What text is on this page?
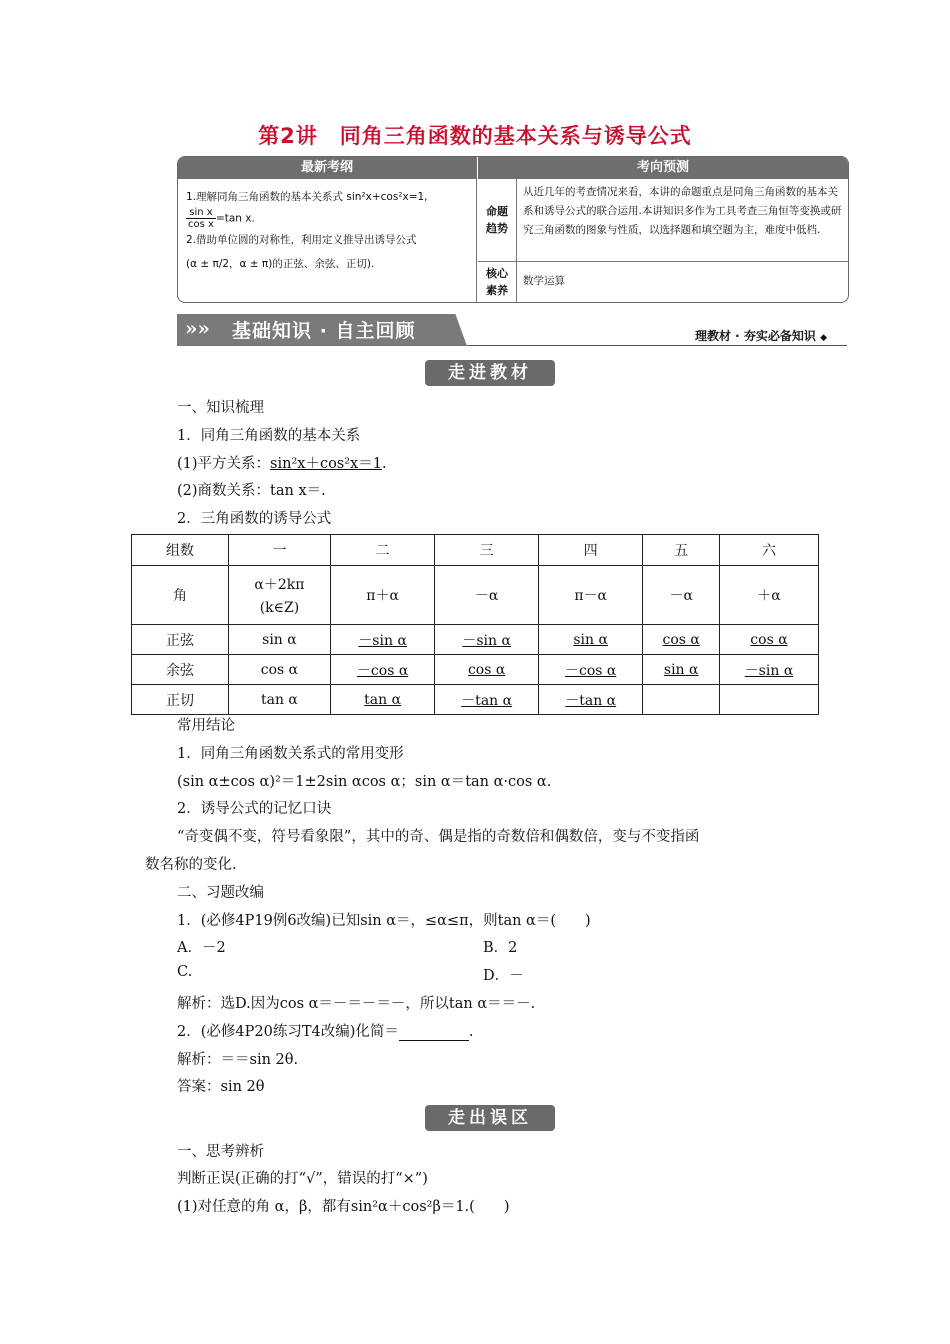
第2讲　同角三角函数的基本关系与诱导公式
最新考纲	考向预测
1.理解同角三角函数的基本关系式 sin²x+cos²x=1,
$\frac{\text{sin x}}{\text{cos x}} =\tan$ x.
2.借助单位圆的对称性，利用定义推导出诱导公式
(α ± π/2，α ± π)的正弦、余弦、正切).
命题
趋势
从近几年的考查情况来看，本讲的命题重点是同角三角函数的基本关系和诱导公式的联合运用.本讲知识多作为工具考查三角恒等变换或研究三角函数的图象与性质，以选择题和填空题为主，难度中低档.
核心
素养
数学运算
»» 基础知识 · 自主回顾	理教材 · 夯实必备知识 ◆
走进教材
一、知识梳理
1．同角三角函数的基本关系
(1)平方关系：sin²x＋cos²x＝1.
(2)商数关系：tan x＝.
2．三角函数的诱导公式
组数	一	二	三	四	五	六
角	α＋2kπ
(k∈Z)	π＋α	－α	π－α	－α	＋α
正弦	sin α	－sin α	－sin α	sin α	cos α	cos α
余弦	cos α	－cos α	cos α	－cos α	sin α	－sin α
正切	tan α	tan α	－tan α	－tan α		
常用结论
1．同角三角函数关系式的常用变形
(sin α±cos α)²＝1±2sin αcos α；sin α＝tan α·cos α.
2．诱导公式的记忆口诀
“奇变偶不变，符号看象限”，其中的奇、偶是指的奇数倍和偶数倍，变与不变指函
数名称的变化.
二、习题改编
1．(必修4P19例6改编)已知sin α＝，≤α≤π，则tan α＝(　　)
A．－2	B．2
C.	D．－
解析：选D.因为cos α＝－＝－＝－，所以tan α＝＝－.
2．(必修4P20练习T4改编)化简＝	.
解析：＝＝sin 2θ.
答案：sin 2θ
走出误区
一、思考辨析
判断正误(正确的打“√”，错误的打“×”)
(1)对任意的角 α，β，都有sin²α＋cos²β＝1.(　　)
